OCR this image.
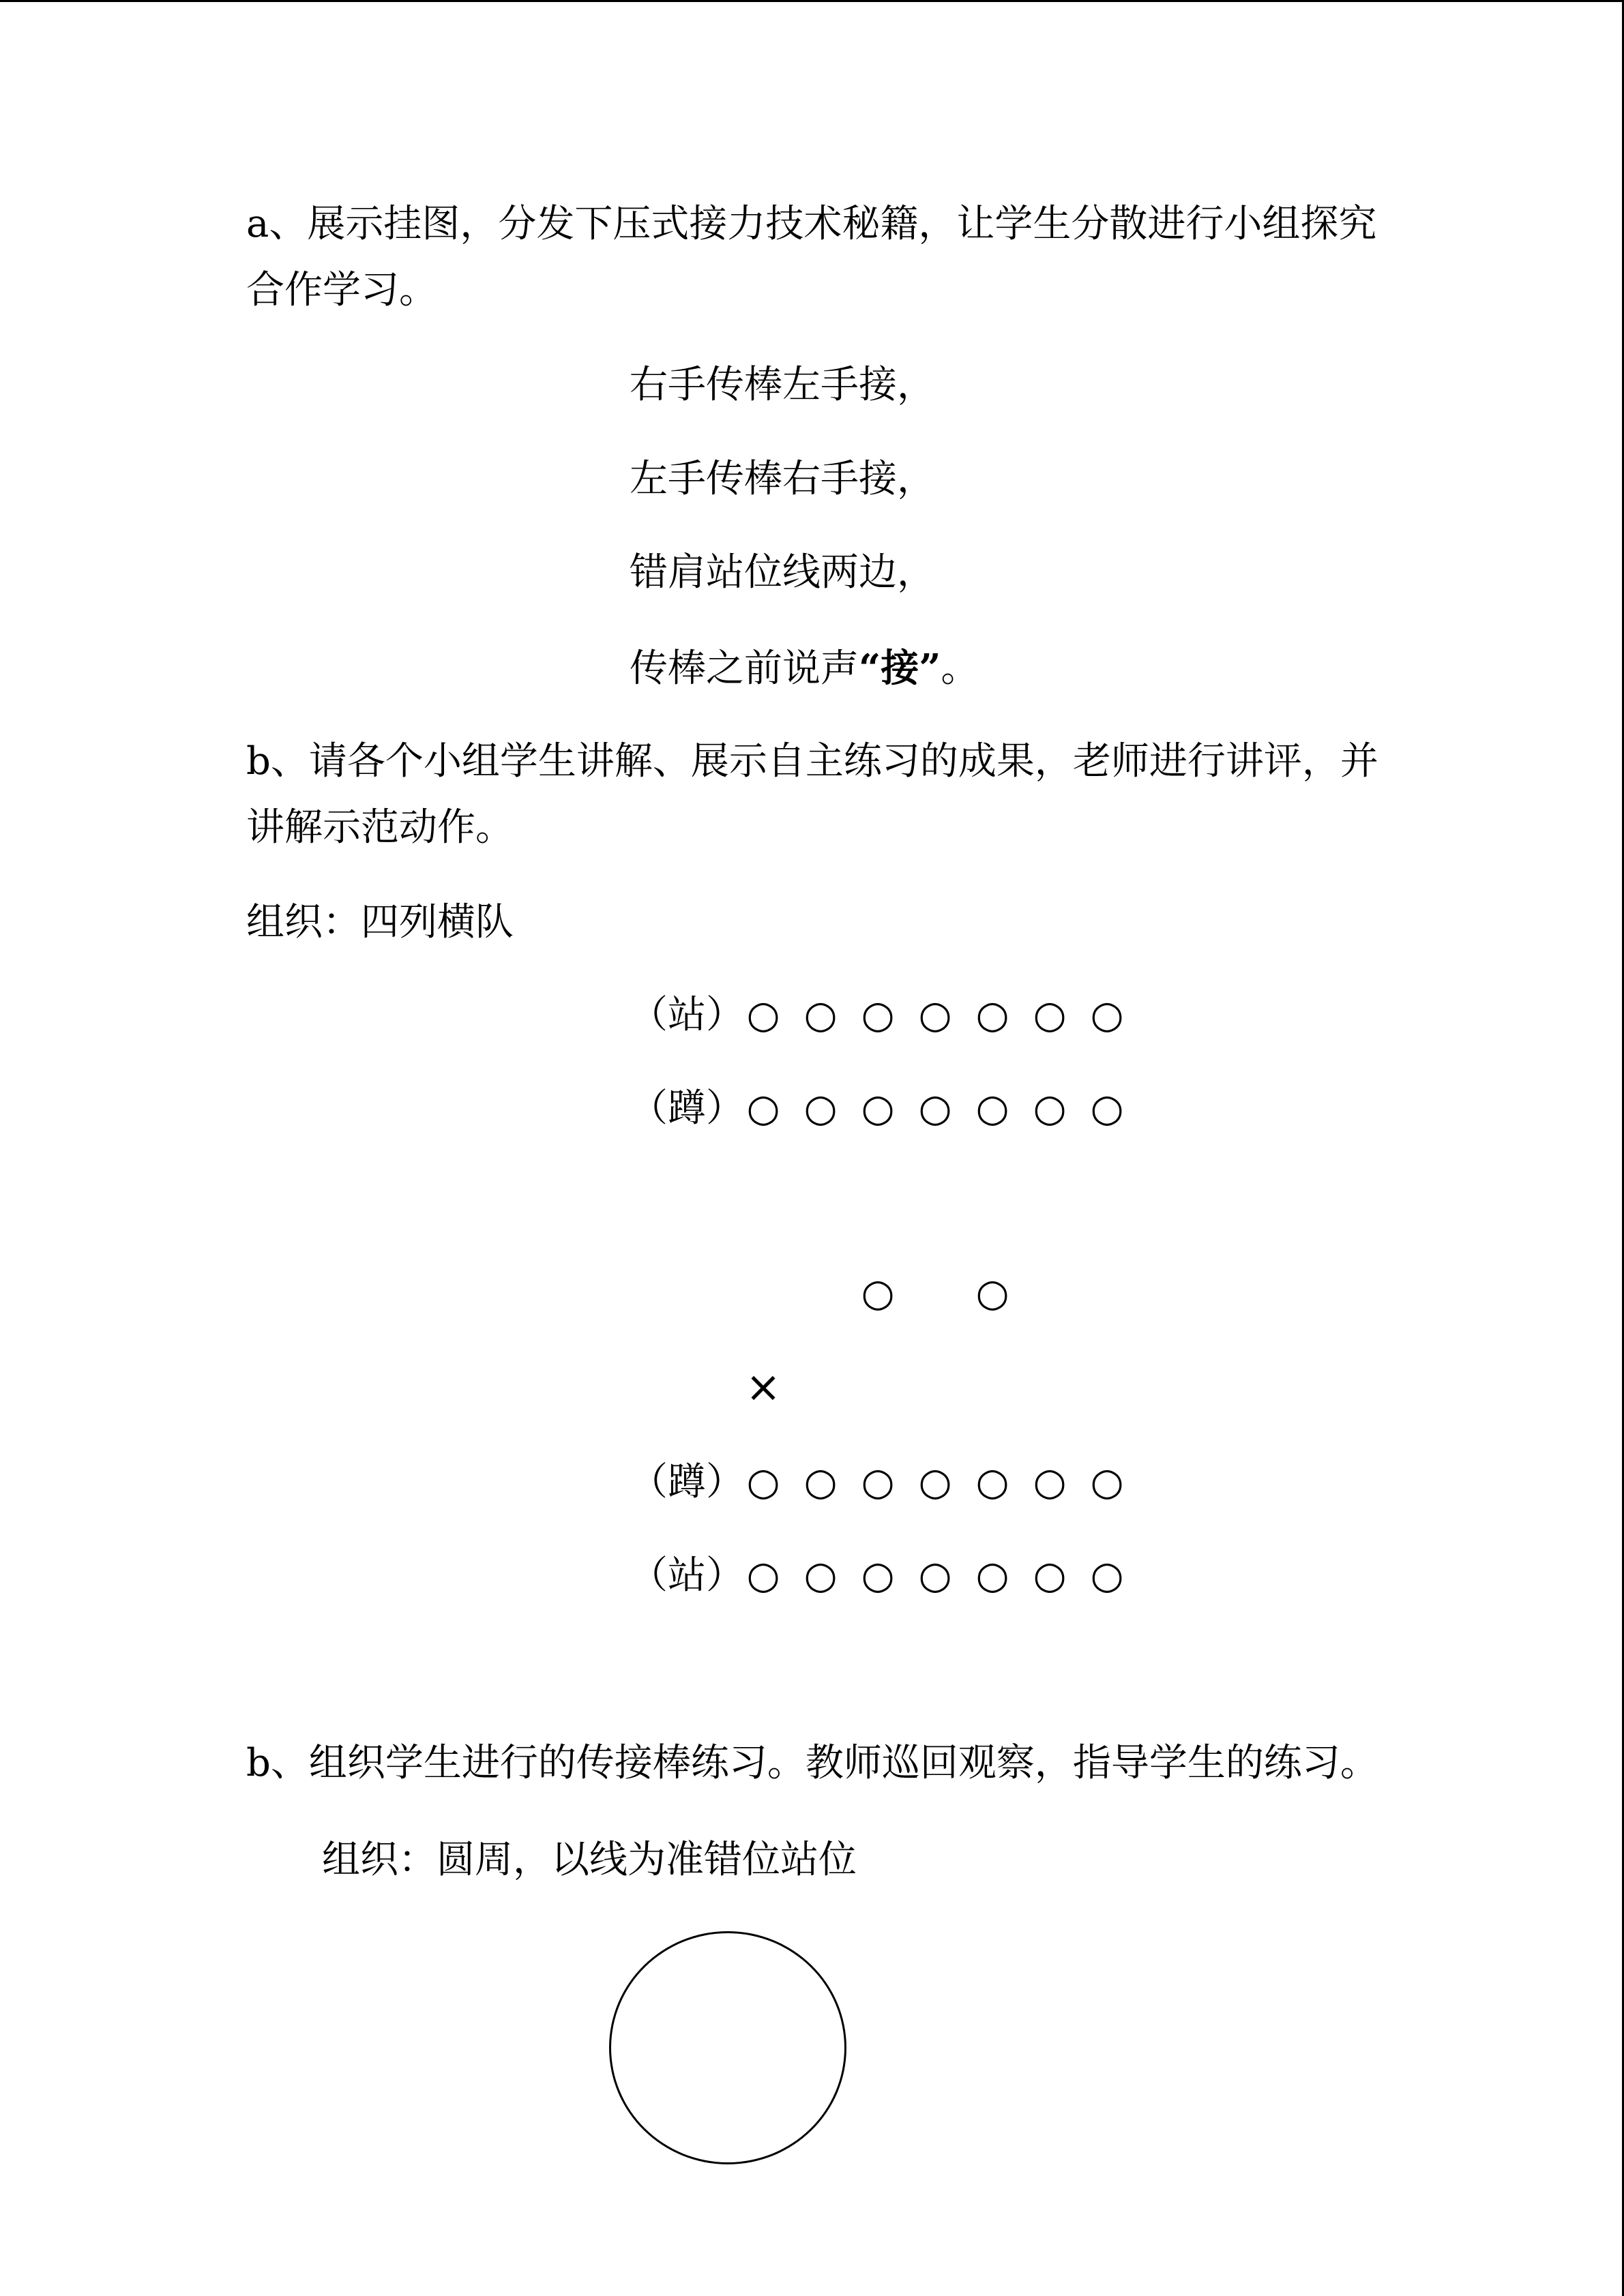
a、展示挂图，分发下压式接力技术秘籍，让学生分散进行小组探究
合作学习。
右手传棒左手接，
左手传棒右手接，
错肩站位线两边，
传棒之前说声“接”。
b、请各个小组学生讲解、展示自主练习的成果，老师进行讲评，并
讲解示范动作。
组织：四列横队
（站） ○ ○ ○ ○ ○ ○ ○
（蹲） ○ ○ ○ ○ ○ ○ ○
○ ○
×
（蹲） ○ ○ ○ ○ ○ ○ ○
（站） ○ ○ ○ ○ ○ ○ ○
b、组织学生进行的传接棒练习。教师巡回观察，指导学生的练习。
组织：圆周，以线为准错位站位
